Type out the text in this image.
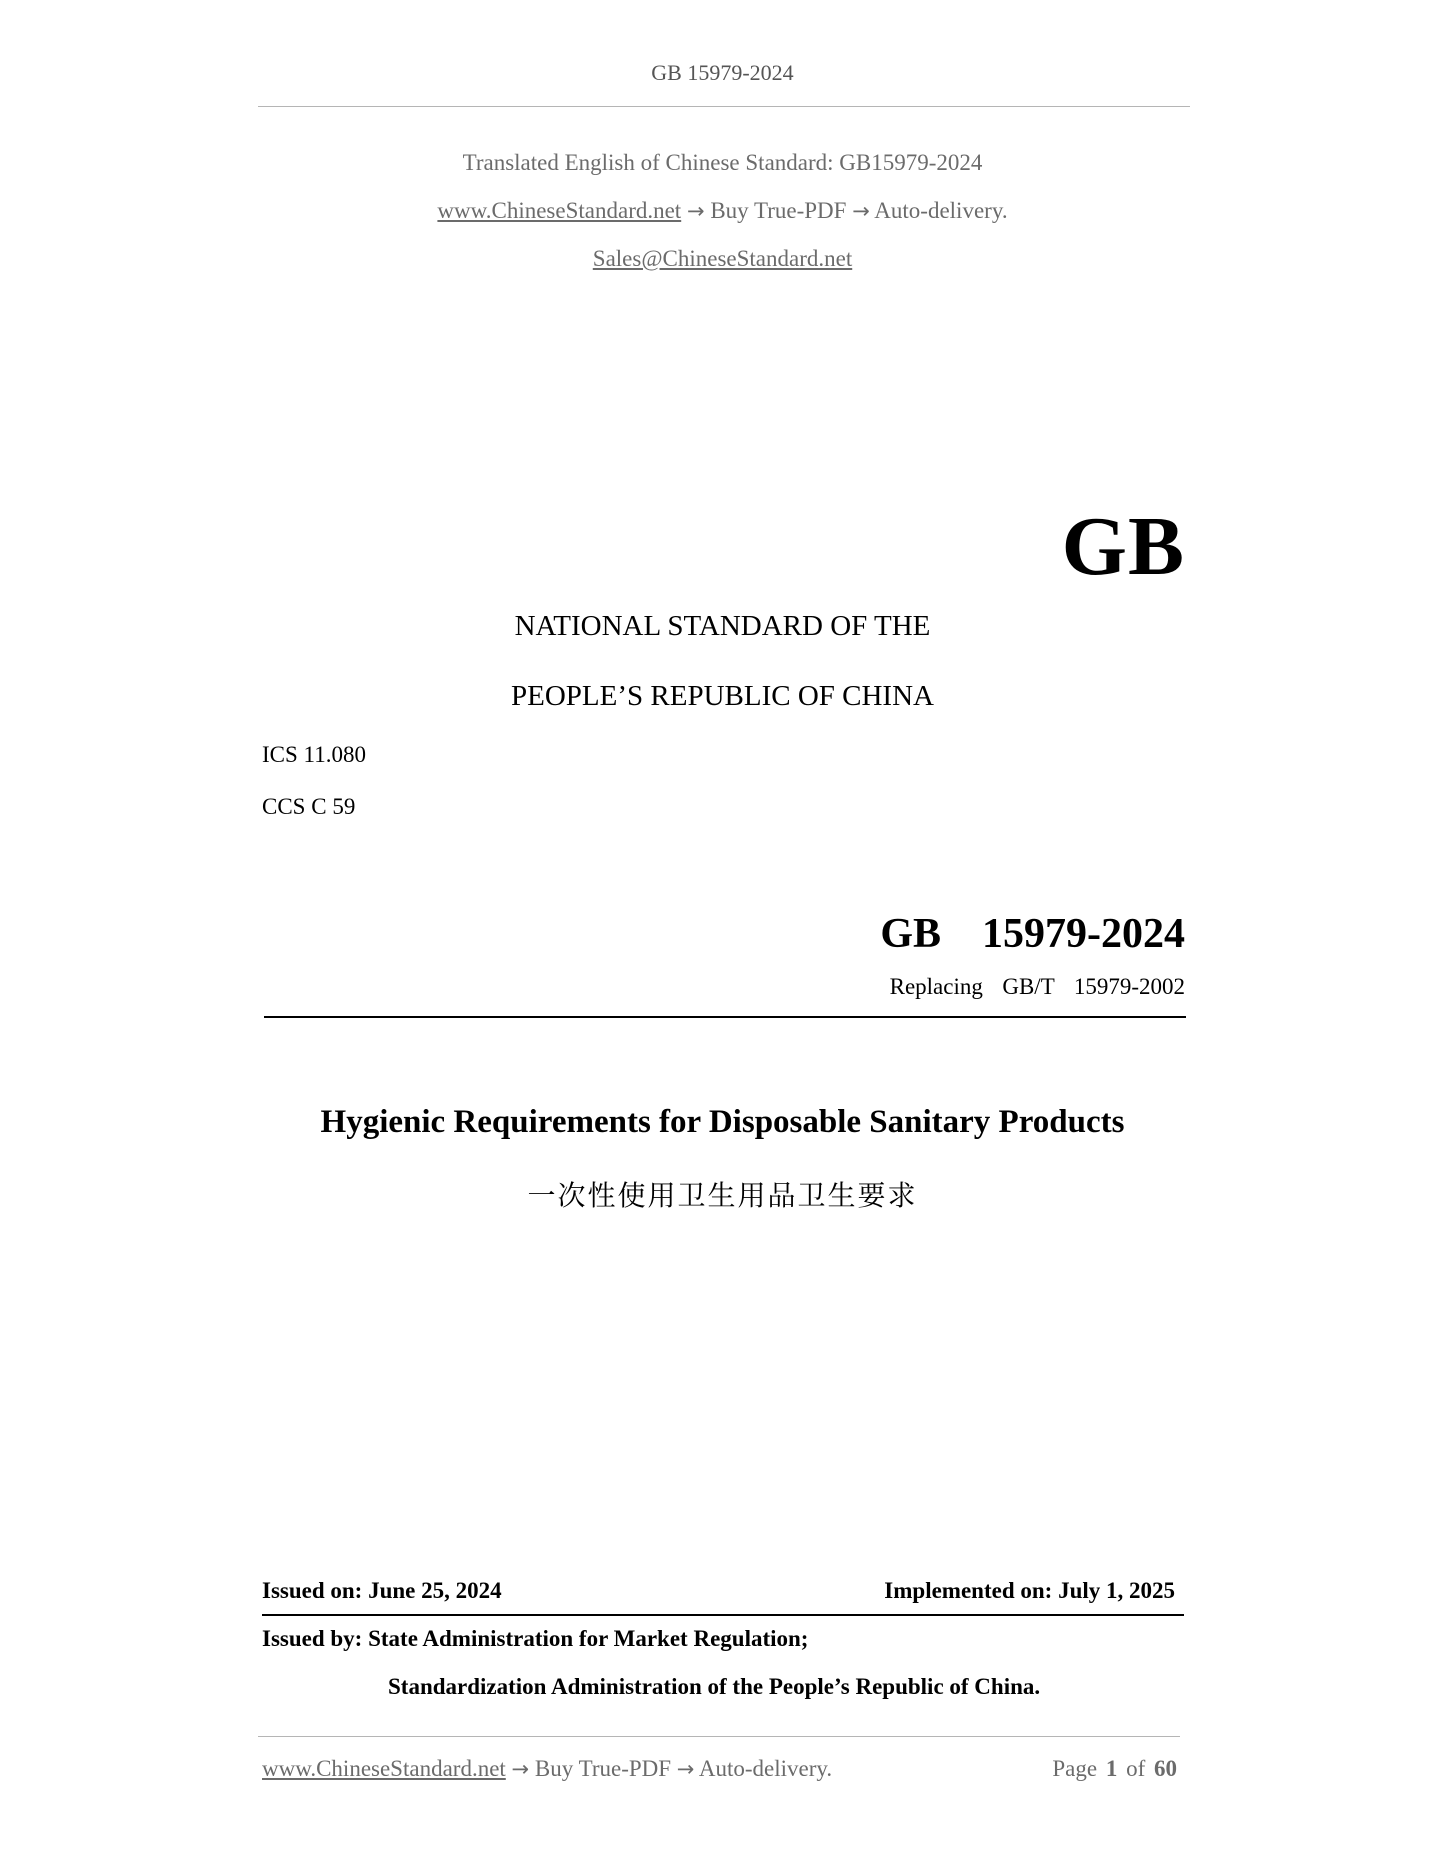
GB 15979-2024
Translated English of Chinese Standard: GB15979-2024
www.ChineseStandard.net → Buy True-PDF → Auto-delivery.
Sales@ChineseStandard.net
GB
NATIONAL STANDARD OF THE
PEOPLE’S REPUBLIC OF CHINA
ICS 11.080
CCS C 59
GB  15979-2024
Replacing  GB/T  15979-2002
Hygienic Requirements for Disposable Sanitary Products
一次性使用卫生用品卫生要求
Issued on: June 25, 2024	Implemented on: July 1, 2025
Issued by: State Administration for Market Regulation;
Standardization Administration of the People’s Republic of China.
www.ChineseStandard.net → Buy True-PDF → Auto-delivery.	Page 1 of 60
